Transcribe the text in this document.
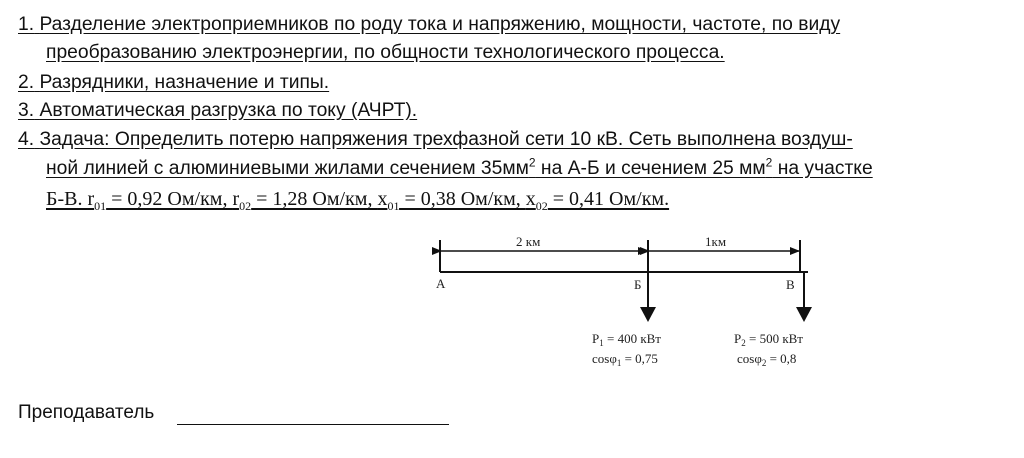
1. Разделение электроприемников по роду тока и напряжению, мощности, частоте, по виду
преобразованию электроэнергии, по общности технологического процесса.
2. Разрядники, назначение и типы.
3. Автоматическая разгрузка по току (АЧРТ).
4. Задача: Определить потерю напряжения трехфазной сети 10 кВ. Сеть выполнена воздуш-
ной линией с алюминиевыми жилами сечением $35мм^2$ на А-Б и сечением 25 $мм^2$ на участке
Б-В. $r_{01} = 0,92$ Ом/км, $r_{02} = 1,28$ Ом/км, $x_{01} = 0,38$ Ом/км, $x_{02} = 0,41$ Ом/км.
2 км	1км
А	Б	В
$P_1 = 400$ кВт
cosφ$_1$ = 0,75
$P_2 = 500$ кВт
cosφ$_2$ = 0,8
Преподаватель
